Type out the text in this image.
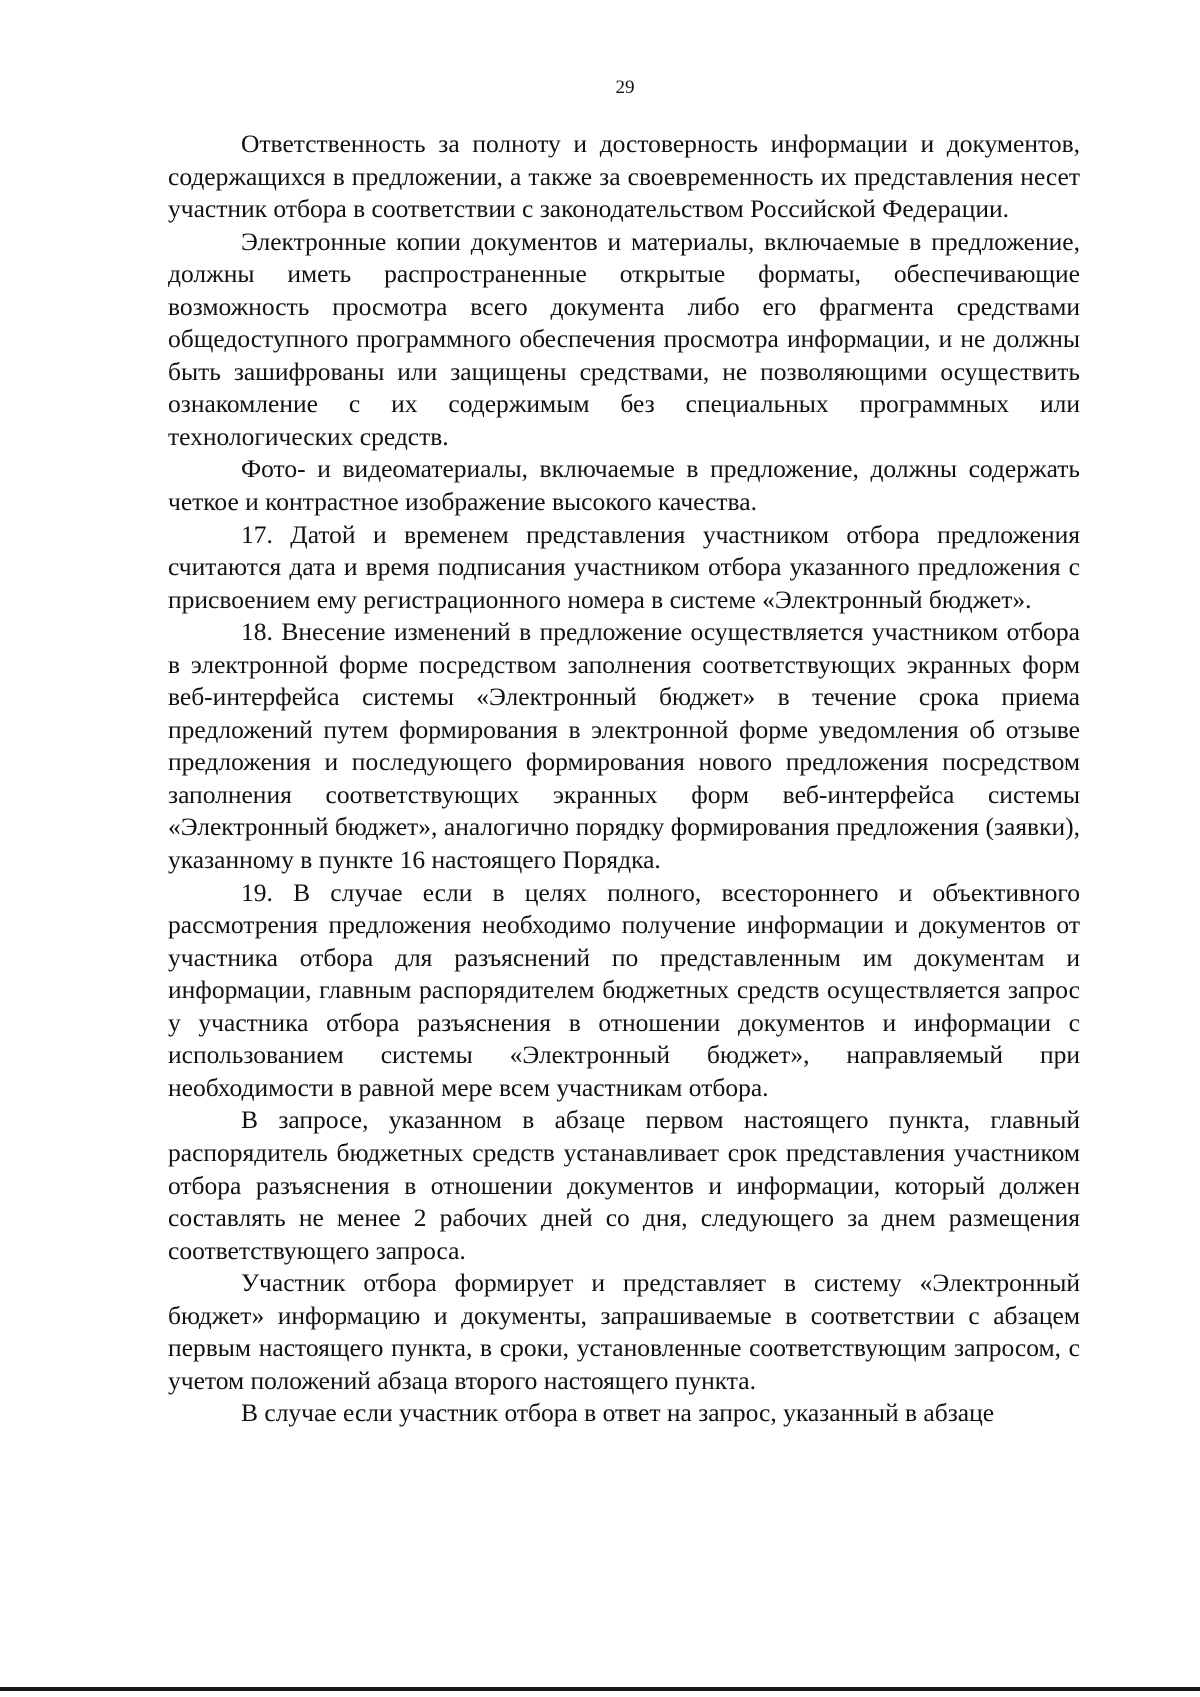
29

Ответственность за полноту и достоверность информации и документов, содержащихся в предложении, а также за своевременность их представления несет участник отбора в соответствии с законодательством Российской Федерации.

Электронные копии документов и материалы, включаемые в предложение, должны иметь распространенные открытые форматы, обеспечивающие возможность просмотра всего документа либо его фрагмента средствами общедоступного программного обеспечения просмотра информации, и не должны быть зашифрованы или защищены средствами, не позволяющими осуществить ознакомление с их содержимым без специальных программных или технологических средств.

Фото- и видеоматериалы, включаемые в предложение, должны содержать четкое и контрастное изображение высокого качества.

17. Датой и временем представления участником отбора предложения считаются дата и время подписания участником отбора указанного предложения с присвоением ему регистрационного номера в системе «Электронный бюджет».

18. Внесение изменений в предложение осуществляется участником отбора в электронной форме посредством заполнения соответствующих экранных форм веб-интерфейса системы «Электронный бюджет» в течение срока приема предложений путем формирования в электронной форме уведомления об отзыве предложения и последующего формирования нового предложения посредством заполнения соответствующих экранных форм веб-интерфейса системы «Электронный бюджет», аналогично порядку формирования предложения (заявки), указанному в пункте 16 настоящего Порядка.

19. В случае если в целях полного, всестороннего и объективного рассмотрения предложения необходимо получение информации и документов от участника отбора для разъяснений по представленным им документам и информации, главным распорядителем бюджетных средств осуществляется запрос у участника отбора разъяснения в отношении документов и информации с использованием системы «Электронный бюджет», направляемый при необходимости в равной мере всем участникам отбора.

В запросе, указанном в абзаце первом настоящего пункта, главный распорядитель бюджетных средств устанавливает срок представления участником отбора разъяснения в отношении документов и информации, который должен составлять не менее 2 рабочих дней со дня, следующего за днем размещения соответствующего запроса.

Участник отбора формирует и представляет в систему «Электронный бюджет» информацию и документы, запрашиваемые в соответствии с абзацем первым настоящего пункта, в сроки, установленные соответствующим запросом, с учетом положений абзаца второго настоящего пункта.

В случае если участник отбора в ответ на запрос, указанный в абзаце
